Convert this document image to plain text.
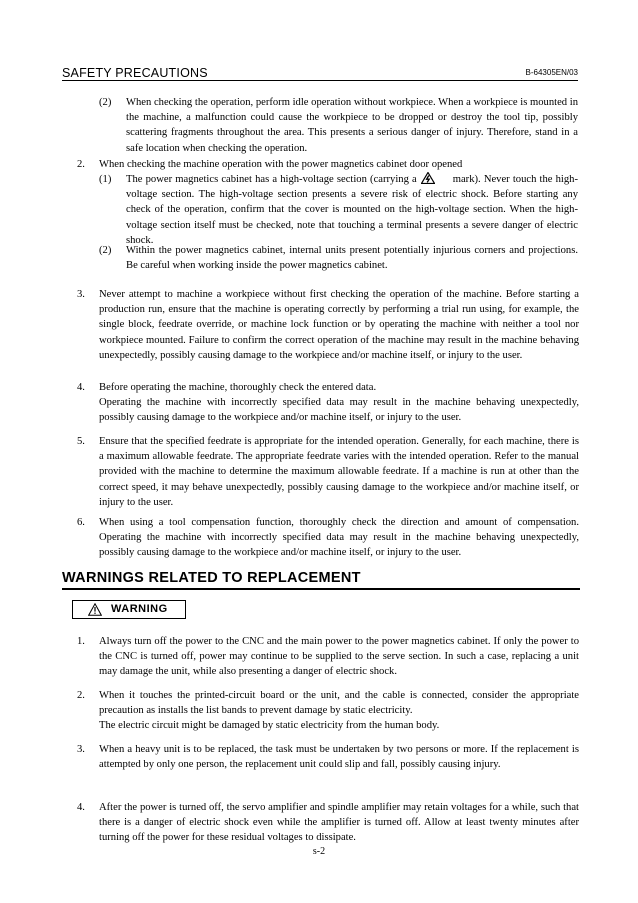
SAFETY PRECAUTIONS	B-64305EN/03
(2) When checking the operation, perform idle operation without workpiece. When a workpiece is mounted in the machine, a malfunction could cause the workpiece to be dropped or destroy the tool tip, possibly scattering fragments throughout the area. This presents a serious danger of injury. Therefore, stand in a safe location when checking the operation.
2. When checking the machine operation with the power magnetics cabinet door opened
(1) The power magnetics cabinet has a high-voltage section (carrying a	mark). Never touch the high-voltage section. The high-voltage section presents a severe risk of electric shock. Before starting any check of the operation, confirm that the cover is mounted on the high-voltage section. When the high-voltage section itself must be checked, note that touching a terminal presents a severe danger of electric shock.
(2) Within the power magnetics cabinet, internal units present potentially injurious corners and projections. Be careful when working inside the power magnetics cabinet.
3. Never attempt to machine a workpiece without first checking the operation of the machine. Before starting a production run, ensure that the machine is operating correctly by performing a trial run using, for example, the single block, feedrate override, or machine lock function or by operating the machine with neither a tool nor workpiece mounted. Failure to confirm the correct operation of the machine may result in the machine behaving unexpectedly, possibly causing damage to the workpiece and/or machine itself, or injury to the user.
4. Before operating the machine, thoroughly check the entered data.
Operating the machine with incorrectly specified data may result in the machine behaving unexpectedly, possibly causing damage to the workpiece and/or machine itself, or injury to the user.
5. Ensure that the specified feedrate is appropriate for the intended operation. Generally, for each machine, there is a maximum allowable feedrate. The appropriate feedrate varies with the intended operation. Refer to the manual provided with the machine to determine the maximum allowable feedrate. If a machine is run at other than the correct speed, it may behave unexpectedly, possibly causing damage to the workpiece and/or machine itself, or injury to the user.
6. When using a tool compensation function, thoroughly check the direction and amount of compensation. Operating the machine with incorrectly specified data may result in the machine behaving unexpectedly, possibly causing damage to the workpiece and/or machine itself, or injury to the user.
WARNINGS RELATED TO REPLACEMENT
WARNING
1. Always turn off the power to the CNC and the main power to the power magnetics cabinet. If only the power to the CNC is turned off, power may continue to be supplied to the serve section. In such a case, replacing a unit may damage the unit, while also presenting a danger of electric shock.
2. When it touches the printed-circuit board or the unit, and the cable is connected, consider the appropriate precaution as installs the list bands to prevent damage by static electricity.
The electric circuit might be damaged by static electricity from the human body.
3. When a heavy unit is to be replaced, the task must be undertaken by two persons or more. If the replacement is attempted by only one person, the replacement unit could slip and fall, possibly causing injury.
4. After the power is turned off, the servo amplifier and spindle amplifier may retain voltages for a while, such that there is a danger of electric shock even while the amplifier is turned off. Allow at least twenty minutes after turning off the power for these residual voltages to dissipate.
s-2
